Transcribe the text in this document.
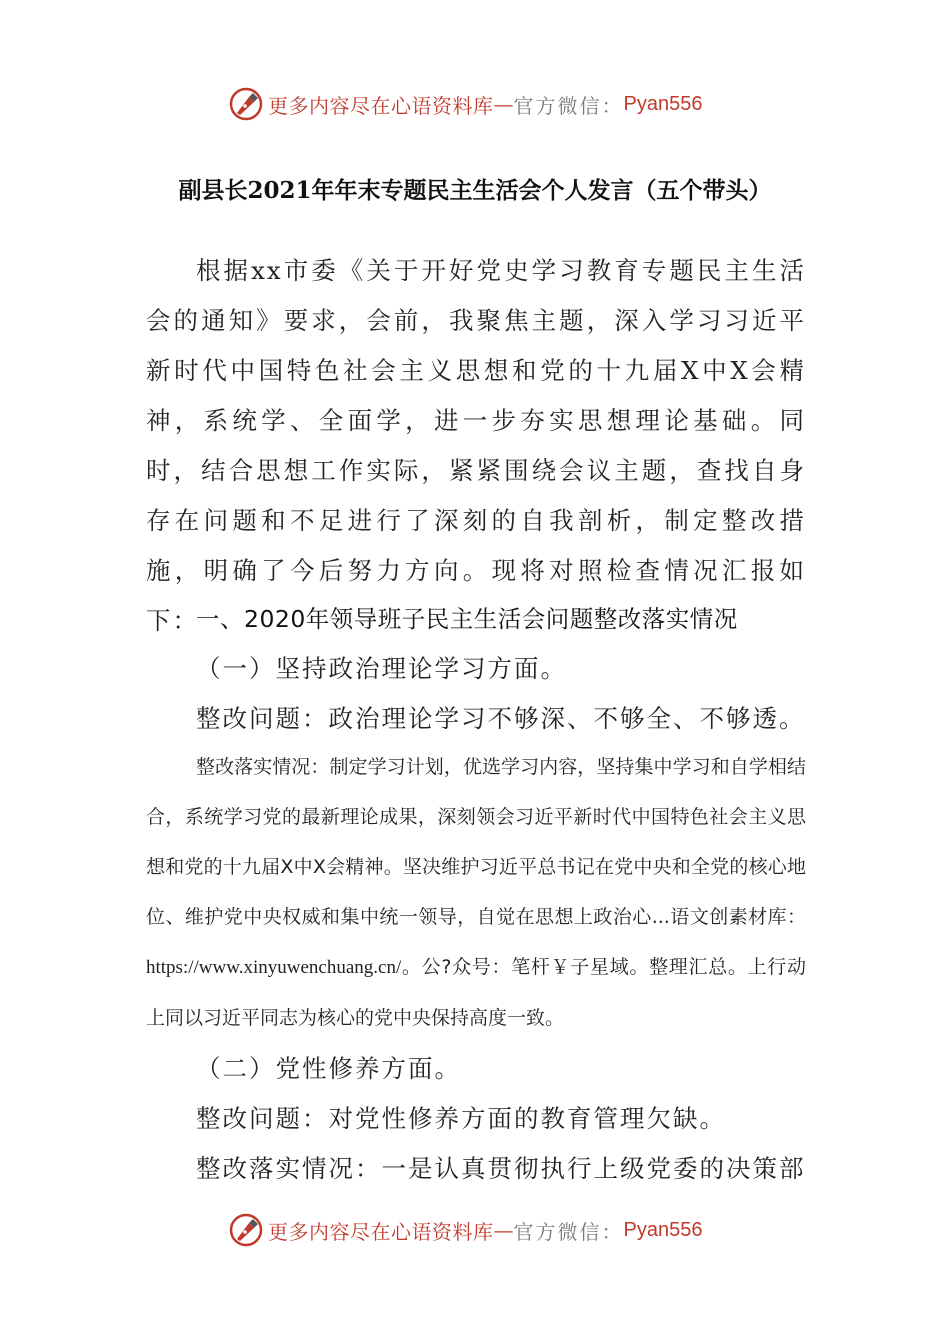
更多内容尽在心语资料库 — 官方微信： Pyan556
副县长2021年年末专题民主生活会个人发言（五个带头）

根据xx市委《关于开好党史学习教育专题民主生活会的通知》要求，会前，我聚焦主题，深入学习习近平新时代中国特色社会主义思想和党的十九届X中X会精神，系统学、全面学，进一步夯实思想理论基础。同时，结合思想工作实际，紧紧围绕会议主题，查找自身存在问题和不足进行了深刻的自我剖析，制定整改措施，明确了今后努力方向。现将对照检查情况汇报如下：

一、2020年领导班子民主生活会问题整改落实情况

（一）坚持政治理论学习方面。

整改问题：政治理论学习不够深、不够全、不够透。

整改落实情况：制定学习计划，优选学习内容，坚持集中学习和自学相结合，系统学习党的最新理论成果，深刻领会习近平新时代中国特色社会主义思想和党的十九届X中X会精神。坚决维护习近平总书记在党中央和全党的核心地位、维护党中央权威和集中统一领导，自觉在思想上政治心...语文创素材库：https://www.xinyuwenchuang.cn/。公?众号：笔杆￥子星域。整理汇总。上行动上同以习近平同志为核心的党中央保持高度一致。

（二）党性修养方面。

整改问题：对党性修养方面的教育管理欠缺。

整改落实情况：一是认真贯彻执行上级党委的决策部

更多内容尽在心语资料库 — 官方微信： Pyan556
